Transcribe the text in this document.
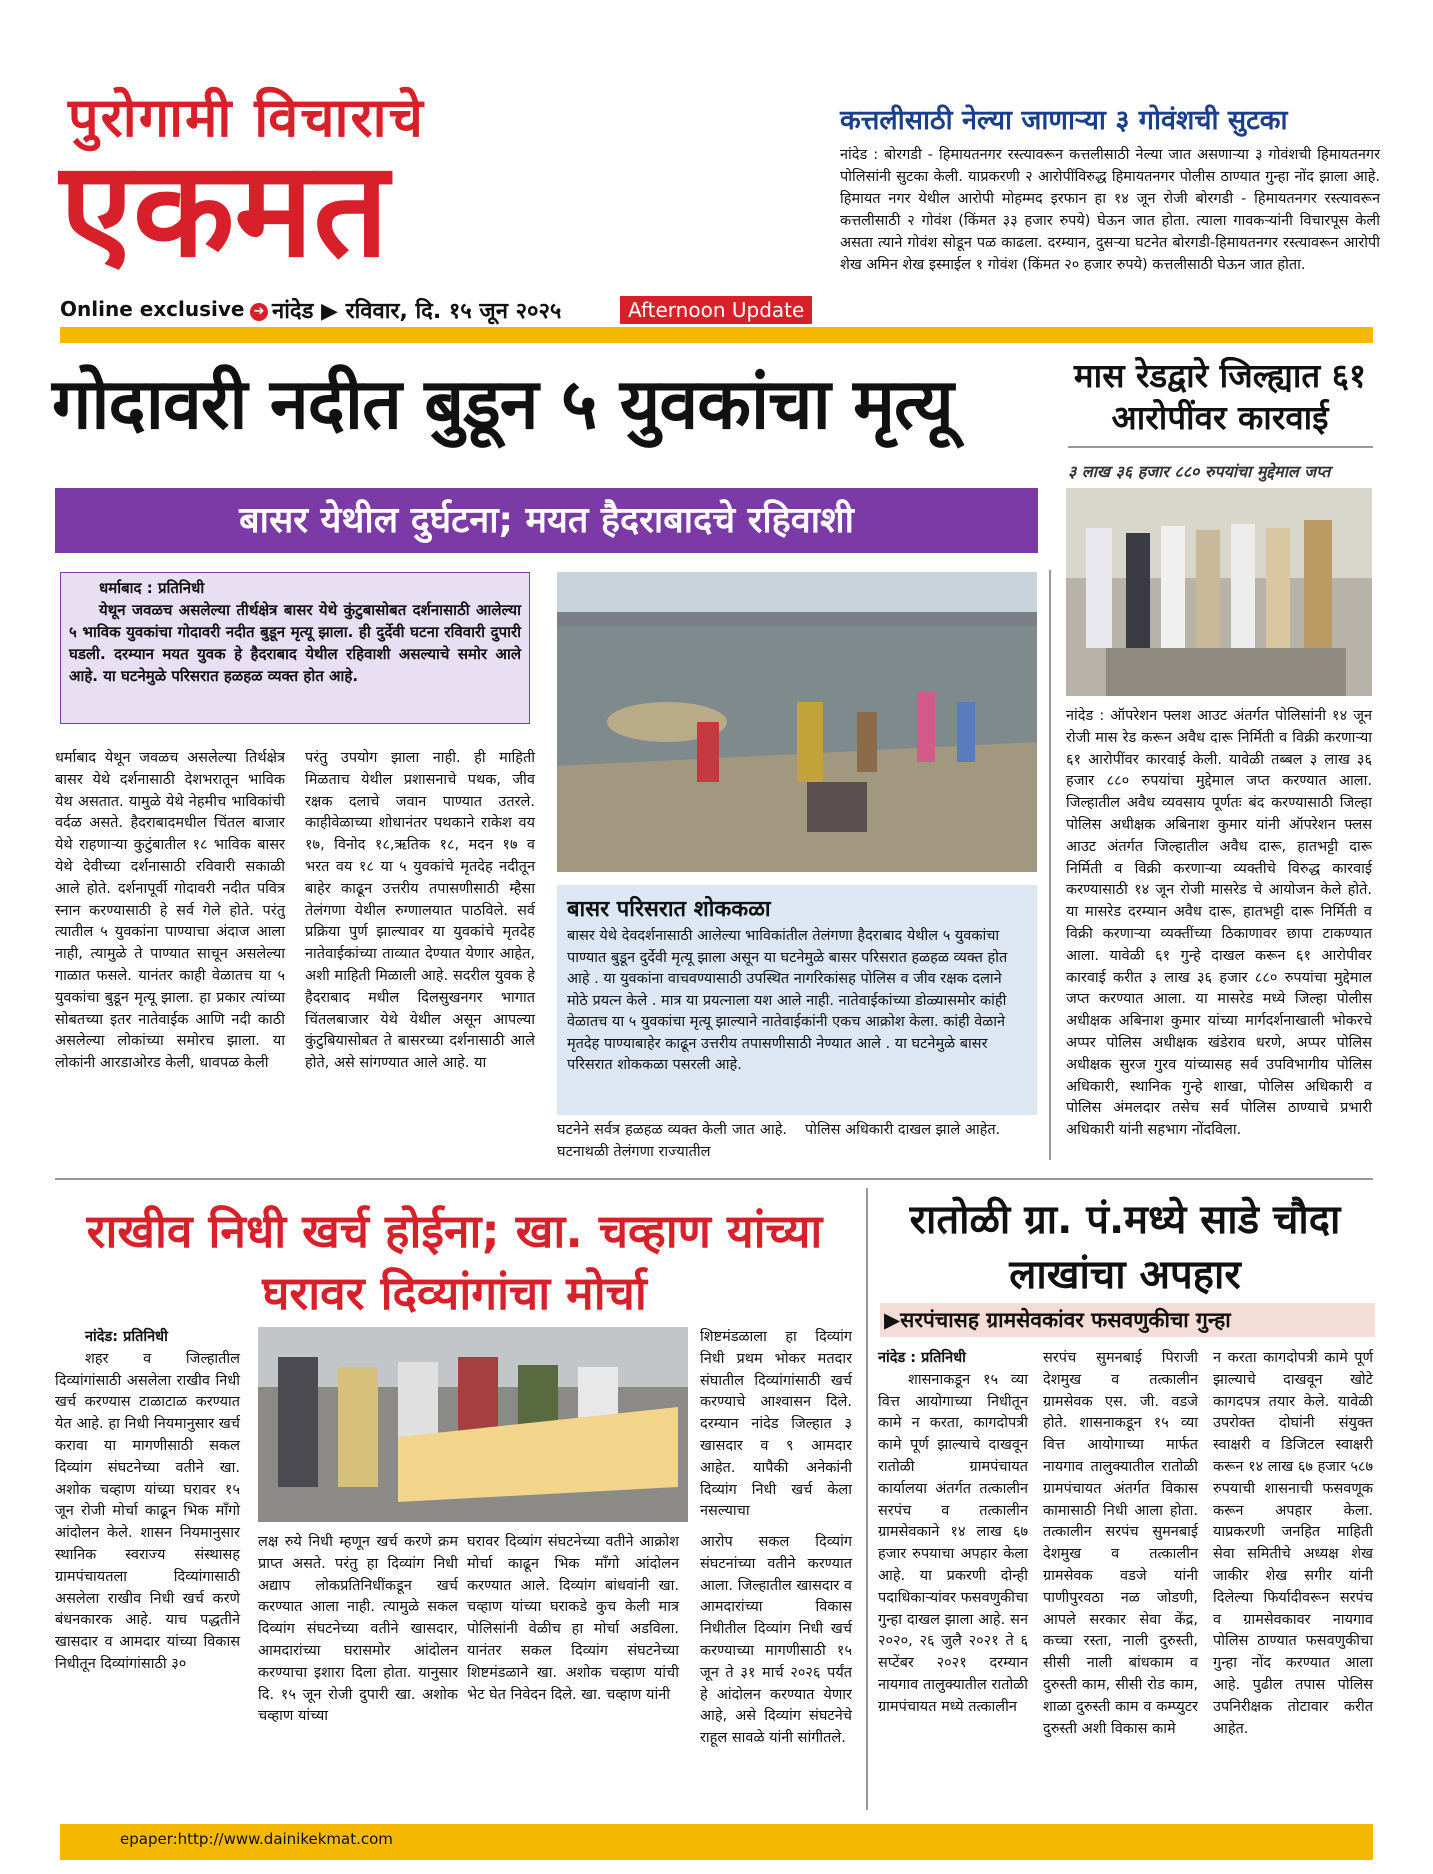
पुरोगामी विचाराचे
एकमत
Online exclusive ➔ नांदेड ▶ रविवार, दि. १५ जून २०२५	Afternoon Update
कत्तलीसाठी नेल्या जाणाऱ्या ३ गोवंशची सुटका
नांदेड : बोरगडी - हिमायतनगर रस्त्यावरून कत्तलीसाठी नेल्या जात असणाऱ्या ३ गोवंशची हिमायतनगर पोलिसांनी सुटका केली. याप्रकरणी २ आरोपींविरुद्ध हिमायतनगर पोलीस ठाण्यात गुन्हा नोंद झाला आहे. हिमायत नगर येथील आरोपी मोहम्मद इरफान हा १४ जून रोजी बोरगडी - हिमायतनगर रस्त्यावरून कत्तलीसाठी २ गोवंश (किंमत ३३ हजार रुपये) घेऊन जात होता. त्याला गावकऱ्यांनी विचारपूस केली असता त्याने गोवंश सोडून पळ काढला. दरम्यान, दुसऱ्या घटनेत बोरगडी-हिमायतनगर रस्त्यावरून आरोपी शेख अमिन शेख इस्माईल १ गोवंश (किंमत २० हजार रुपये) कत्तलीसाठी घेऊन जात होता.
गोदावरी नदीत बुडून ५ युवकांचा मृत्यू
बासर येथील दुर्घटना; मयत हैदराबादचे रहिवाशी
धर्माबाद : प्रतिनिधी
येथून जवळच असलेल्या तीर्थक्षेत्र बासर येथे कुंटुबासोबत दर्शनासाठी आलेल्या ५ भाविक युवकांचा गोदावरी नदीत बुडून मृत्यू झाला. ही दुर्देवी घटना रविवारी दुपारी घडली. दरम्यान मयत युवक हे हैदराबाद येथील रहिवाशी असल्याचे समोर आले आहे. या घटनेमुळे परिसरात हळहळ व्यक्त होत आहे.
धर्माबाद येथून जवळच असलेल्या तिर्थक्षेत्र बासर येथे दर्शनासाठी देशभरातून भाविक येथ असतात. यामुळे येथे नेहमीच भाविकांची वर्दळ असते. हैदराबादमधील चिंतल बाजार येथे राहणाऱ्या कुटुंबातील १८ भाविक बासर येथे देवीच्या दर्शनासाठी रविवारी सकाळी आले होते. दर्शनापूर्वी गोदावरी नदीत पवित्र स्नान करण्यासाठी हे सर्व गेले होते. परंतु त्यातील ५ युवकांना पाण्याचा अंदाज आला नाही, त्यामुळे ते पाण्यात साचून असलेल्या गाळात फसले. यानंतर काही वेळातच या ५ युवकांचा बुडून मृत्यू झाला. हा प्रकार त्यांच्या सोबतच्या इतर नातेवाईक आणि नदी काठी असलेल्या लोकांच्या समोरच झाला. या लोकांनी आरडाओरड केली, धावपळ केली
परंतु उपयोग झाला नाही. ही माहिती मिळताच येथील प्रशासनाचे पथक, जीव रक्षक दलाचे जवान पाण्यात उतरले. काहीवेळाच्या शोधानंतर पथकाने राकेश वय १७, विनोद १८,ऋतिक १८, मदन १७ व भरत वय १८ या ५ युवकांचे मृतदेह नदीतून बाहेर काढून उत्तरीय तपासणीसाठी म्हैसा तेलंगणा येथील रुग्णालयात पाठविले. सर्व प्रक्रिया पुर्ण झाल्यावर या युवकांचे मृतदेह नातेवाईकांच्या ताव्यात देण्यात येणार आहेत, अशी माहिती मिळाली आहे. सदरील युवक हे हैदराबाद मधील दिलसुखनगर भागात चिंतलबाजार येथे येथील असून आपल्या कुंटुबियासोबत ते बासरच्या दर्शनासाठी आले होते, असे सांगण्यात आले आहे. या
बासर परिसरात शोककळा
बासर येथे देवदर्शनासाठी आलेल्या भाविकांतील तेलंगणा हैदराबाद येथील ५ युवकांचा पाण्यात बुडून दुर्देवी मृत्यू झाला असून या घटनेमुळे बासर परिसरात हळहळ व्यक्त होत आहे . या युवकांना वाचवण्यासाठी उपस्थित नागरिकांसह पोलिस व जीव रक्षक दलाने मोठे प्रयत्न केले . मात्र या प्रयत्नाला यश आले नाही. नातेवाईकांच्या डोळ्यासमोर कांही वेळातच या ५ युवकांचा मृत्यू झाल्याने नातेवाईकांनी एकच आक्रोश केला. कांही वेळाने मृतदेह पाण्याबाहेर काढून उत्तरीय तपासणीसाठी नेण्यात आले . या घटनेमुळे बासर परिसरात शोककळा पसरली आहे.
घटनेने सर्वत्र हळहळ व्यक्त केली जात आहे. घटनाथळी तेलंगणा राज्यातील
पोलिस अधिकारी दाखल झाले आहेत.
मास रेडद्वारे जिल्ह्यात ६१ आरोपींवर कारवाई
३ लाख ३६ हजार ८८० रुपयांचा मुद्देमाल जप्त
नांदेड : ऑपरेशन फ्लश आउट अंतर्गत पोलिसांनी १४ जून रोजी मास रेड करून अवैध दारू निर्मिती व विक्री करणाऱ्या ६१ आरोपींवर कारवाई केली. यावेळी तब्बल ३ लाख ३६ हजार ८८० रुपयांचा मुद्देमाल जप्त करण्यात आला. जिल्हातील अवैध व्यवसाय पूर्णतः बंद करण्यासाठी जिल्हा पोलिस अधीक्षक अबिनाश कुमार यांनी ऑपरेशन फ्लस आउट अंतर्गत जिल्हातील अवैध दारू, हातभट्टी दारू निर्मिती व विक्री करणाऱ्या व्यक्तीचे विरुद्ध कारवाई करण्यासाठी १४ जून रोजी मासरेड चे आयोजन केले होते. या मासरेड दरम्यान अवैध दारू, हातभट्टी दारू निर्मिती व विक्री करणाऱ्या व्यक्तींच्या ठिकाणावर छापा टाकण्यात आला. यावेळी ६१ गुन्हे दाखल करून ६१ आरोपीवर कारवाई करीत ३ लाख ३६ हजार ८८० रुपयांचा मुद्देमाल जप्त करण्यात आला. या मासरेड मध्ये जिल्हा पोलीस अधीक्षक अबिनाश कुमार यांच्या मार्गदर्शनाखाली भोकरचे अप्पर पोलिस अधीक्षक खंडेराव धरणे, अप्पर पोलिस अधीक्षक सुरज गुरव यांच्यासह सर्व उपविभागीय पोलिस अधिकारी, स्थानिक गुन्हे शाखा, पोलिस अधिकारी व पोलिस अंमलदार तसेच सर्व पोलिस ठाण्याचे प्रभारी अधिकारी यांनी सहभाग नोंदविला.
राखीव निधी खर्च होईना; खा. चव्हाण यांच्या घरावर दिव्यांगांचा मोर्चा
नांदेड: प्रतिनिधी
शहर व जिल्हातील दिव्यांगांसाठी असलेला राखीव निधी खर्च करण्यास टाळाटाळ करण्यात येत आहे. हा निधी नियमानुसार खर्च करावा या मागणीसाठी सकल दिव्यांग संघटनेच्या वतीने खा. अशोक चव्हाण यांच्या घरावर १५ जून रोजी मोर्चा काढून भिक माँगो आंदोलन केले. शासन नियमानुसार स्थानिक स्वराज्य संस्थासह ग्रामपंचायतला दिव्यांगासाठी असलेला राखीव निधी खर्च करणे बंधनकारक आहे. याच पद्धतीने खासदार व आमदार यांच्या विकास निधीतून दिव्यांगांसाठी ३०
लक्ष रुये निधी म्हणून खर्च करणे क्रम प्राप्त असते. परंतु हा दिव्यांग निधी अद्याप लोकप्रतिनिधींकडून खर्च करण्यात आला नाही. त्यामुळे सकल दिव्यांग संघटनेच्या वतीने खासदार, आमदारांच्या घरासमोर आंदोलन करण्याचा इशारा दिला होता. यानुसार दि. १५ जून रोजी दुपारी खा. अशोक चव्हाण यांच्या
घरावर दिव्यांग संघटनेच्या वतीने आक्रोश मोर्चा काढून भिक माँगो आंदोलन करण्यात आले. दिव्यांग बांधवांनी खा. चव्हाण यांच्या घराकडे कुच केली मात्र पोलिसांनी वेळीच हा मोर्चा अडविला. यानंतर सकल दिव्यांग संघटनेच्या शिष्टमंडळाने खा. अशोक चव्हाण यांची भेट घेत निवेदन दिले. खा. चव्हाण यांनी
शिष्टमंडळाला हा दिव्यांग निधी प्रथम भोकर मतदार संघातील दिव्यांगांसाठी खर्च करण्याचे आश्वासन दिले. दरम्यान नांदेड जिल्हात ३ खासदार व ९ आमदार आहेत. यापैकी अनेकांनी दिव्यांग निधी खर्च केला नसल्याचा
आरोप सकल दिव्यांग संघटनांच्या वतीने करण्यात आला. जिल्हातील खासदार व आमदारांच्या विकास निधीतील दिव्यांग निधी खर्च करण्याच्या मागणीसाठी १५ जून ते ३१ मार्च २०२६ पर्यंत हे आंदोलन करण्यात येणार आहे, असे दिव्यांग संघटनेचे राहूल सावळे यांनी सांगीतले.
रातोळी ग्रा. पं.मध्ये साडे चौदा लाखांचा अपहार
▶सरपंचासह ग्रामसेवकांवर फसवणुकीचा गुन्हा
नांदेड : प्रतिनिधी
शासनाकडून १५ व्या वित्त आयोगाच्या निधीतून कामे न करता, कागदोपत्री कामे पूर्ण झाल्याचे दाखवून रातोळी ग्रामपंचायत कार्यालया अंतर्गत तत्कालीन सरपंच व तत्कालीन ग्रामसेवकाने १४ लाख ६७ हजार रुपयाचा अपहार केला आहे. या प्रकरणी दोन्ही पदाधिकाऱ्यांवर फसवणुकीचा गुन्हा दाखल झाला आहे. सन २०२०, २६ जुलै २०२१ ते ६ सप्टेंबर २०२१ दरम्यान नायगाव तालुक्यातील रातोळी ग्रामपंचायत मध्ये तत्कालीन
सरपंच सुमनबाई पिराजी देशमुख व तत्कालीन ग्रामसेवक एस. जी. वडजे होते. शासनाकडून १५ व्या वित्त आयोगाच्या मार्फत नायगाव तालुक्यातील रातोळी ग्रामपंचायत अंतर्गत विकास कामासाठी निधी आला होता. तत्कालीन सरपंच सुमनबाई देशमुख व तत्कालीन ग्रामसेवक वडजे यांनी पाणीपुरवठा नळ जोडणी, आपले सरकार सेवा केंद्र, कच्चा रस्ता, नाली दुरुस्ती, सीसी नाली बांधकाम व दुरुस्ती काम, सीसी रोड काम, शाळा दुरुस्ती काम व कम्प्युटर दुरुस्ती अशी विकास कामे
न करता कागदोपत्री कामे पूर्ण झाल्याचे दाखवून खोटे कागदपत्र तयार केले. यावेळी उपरोक्त दोघांनी संयुक्त स्वाक्षरी व डिजिटल स्वाक्षरी करून १४ लाख ६७ हजार ५८७ रुपयाची शासनाची फसवणूक करून अपहार केला. याप्रकरणी जनहित माहिती सेवा समितीचे अध्यक्ष शेख जाकीर शेख सगीर यांनी दिलेल्या फिर्यादीवरून सरपंच व ग्रामसेवकावर नायगाव पोलिस ठाण्यात फसवणुकीचा गुन्हा नोंद करण्यात आला आहे. पुढील तपास पोलिस उपनिरीक्षक तोटावार करीत आहेत.
epaper:http://www.dainikekmat.com
